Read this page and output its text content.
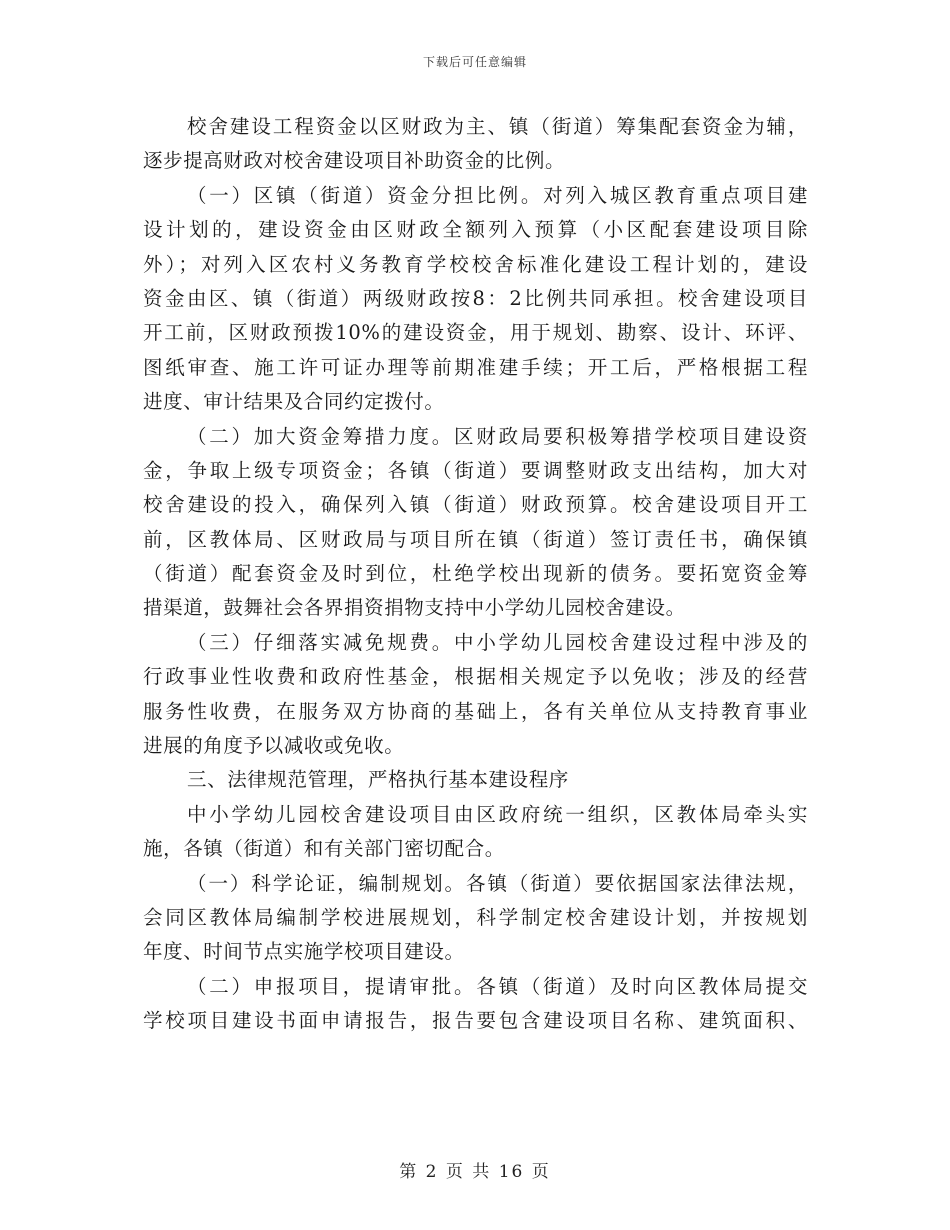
下载后可任意编辑
校舍建设工程资金以区财政为主、镇（街道）筹集配套资金为辅，
逐步提高财政对校舍建设项目补助资金的比例。
（一）区镇（街道）资金分担比例。对列入城区教育重点项目建
设计划的，建设资金由区财政全额列入预算（小区配套建设项目除
外）；对列入区农村义务教育学校校舍标准化建设工程计划的，建设
资金由区、镇（街道）两级财政按8：2比例共同承担。校舍建设项目
开工前，区财政预拨10%的建设资金，用于规划、勘察、设计、环评、
图纸审查、施工许可证办理等前期准建手续；开工后，严格根据工程
进度、审计结果及合同约定拨付。
（二）加大资金筹措力度。区财政局要积极筹措学校项目建设资
金，争取上级专项资金；各镇（街道）要调整财政支出结构，加大对
校舍建设的投入，确保列入镇（街道）财政预算。校舍建设项目开工
前，区教体局、区财政局与项目所在镇（街道）签订责任书，确保镇
（街道）配套资金及时到位，杜绝学校出现新的债务。要拓宽资金筹
措渠道，鼓舞社会各界捐资捐物支持中小学幼儿园校舍建设。
（三）仔细落实减免规费。中小学幼儿园校舍建设过程中涉及的
行政事业性收费和政府性基金，根据相关规定予以免收；涉及的经营
服务性收费，在服务双方协商的基础上，各有关单位从支持教育事业
进展的角度予以减收或免收。
三、法律规范管理，严格执行基本建设程序
中小学幼儿园校舍建设项目由区政府统一组织，区教体局牵头实
施，各镇（街道）和有关部门密切配合。
（一）科学论证，编制规划。各镇（街道）要依据国家法律法规，
会同区教体局编制学校进展规划，科学制定校舍建设计划，并按规划
年度、时间节点实施学校项目建设。
（二）申报项目，提请审批。各镇（街道）及时向区教体局提交
学校项目建设书面申请报告，报告要包含建设项目名称、建筑面积、
第 2 页 共 16 页
